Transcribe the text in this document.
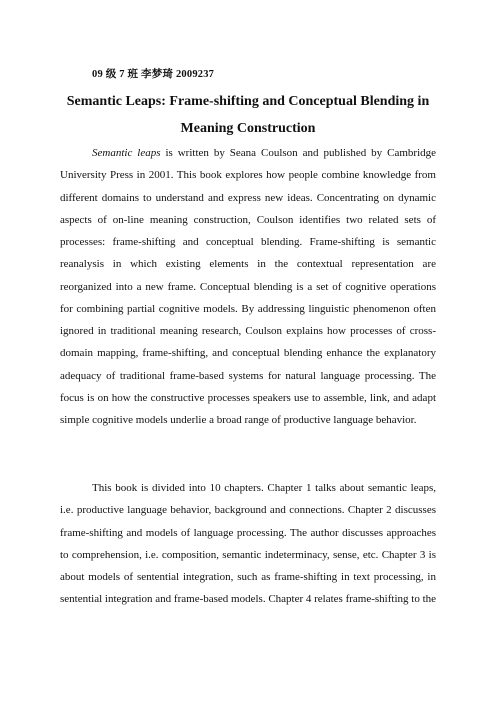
09 级 7 班 李梦琦 2009237
Semantic Leaps: Frame-shifting and Conceptual Blending in
Meaning Construction

Semantic leaps is written by Seana Coulson and published by Cambridge University Press in 2001. This book explores how people combine knowledge from different domains to understand and express new ideas. Concentrating on dynamic aspects of on-line meaning construction, Coulson identifies two related sets of processes: frame-shifting and conceptual blending. Frame-shifting is semantic reanalysis in which existing elements in the contextual representation are reorganized into a new frame. Conceptual blending is a set of cognitive operations for combining partial cognitive models. By addressing linguistic phenomenon often ignored in traditional meaning research, Coulson explains how processes of cross-domain mapping, frame-shifting, and conceptual blending enhance the explanatory adequacy of traditional frame-based systems for natural language processing. The focus is on how the constructive processes speakers use to assemble, link, and adapt simple cognitive models underlie a broad range of productive language behavior.

This book is divided into 10 chapters. Chapter 1 talks about semantic leaps, i.e. productive language behavior, background and connections. Chapter 2 discusses frame-shifting and models of language processing. The author discusses approaches to comprehension, i.e. composition, semantic indeterminacy, sense, etc. Chapter 3 is about models of sentential integration, such as frame-shifting in text processing, in sentential integration and frame-based models. Chapter 4 relates frame-shifting to the
